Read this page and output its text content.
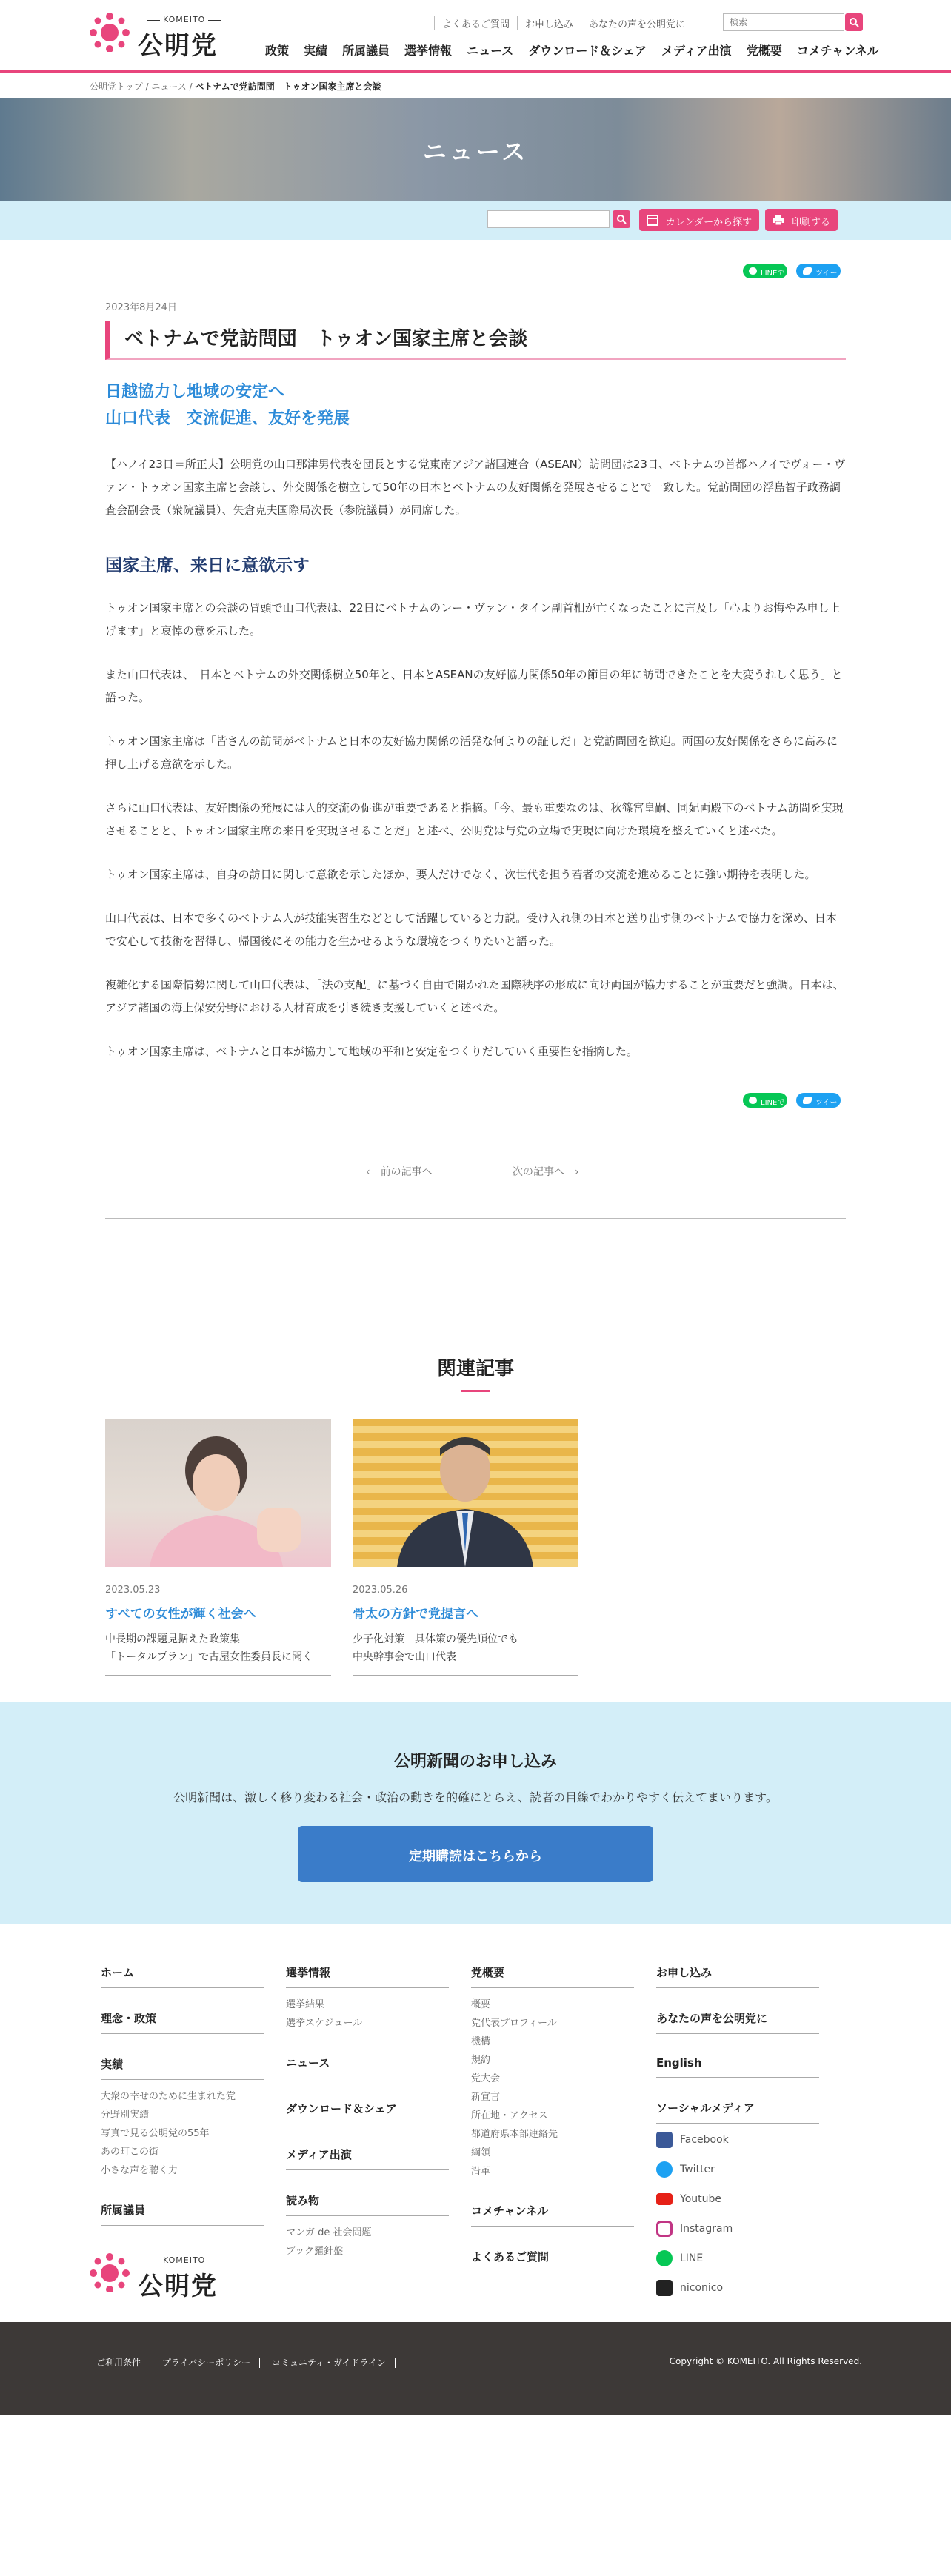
KOMEITO
公明党
よくあるご質問	お申し込み	あなたの声を公明党に
検索
政策 実績 所属議員 選挙情報 ニュース ダウンロード＆シェア メディア出演 党概要 コメチャンネル
公明党トップ / ニュース / ベトナムで党訪問団　トゥオン国家主席と会談
ニュース
カレンダーから探す	印刷する
LINEで	ツイート
2023年8月24日
ベトナムで党訪問団　トゥオン国家主席と会談
日越協力し地域の安定へ
山口代表　交流促進、友好を発展

【ハノイ23日＝所正夫】公明党の山口那津男代表を団長とする党東南アジア諸国連合（ASEAN）訪問団は23日、ベトナムの首都ハノイでヴォー・ヴァン・トゥオン国家主席と会談し、外交関係を樹立して50年の日本とベトナムの友好関係を発展させることで一致した。党訪問団の浮島智子政務調査会副会長（衆院議員）、矢倉克夫国際局次長（参院議員）が同席した。

国家主席、来日に意欲示す

トゥオン国家主席との会談の冒頭で山口代表は、22日にベトナムのレー・ヴァン・タイン副首相が亡くなったことに言及し「心よりお悔やみ申し上げます」と哀悼の意を示した。

また山口代表は、「日本とベトナムの外交関係樹立50年と、日本とASEANの友好協力関係50年の節目の年に訪問できたことを大変うれしく思う」と語った。

トゥオン国家主席は「皆さんの訪問がベトナムと日本の友好協力関係の活発な何よりの証しだ」と党訪問団を歓迎。両国の友好関係をさらに高みに押し上げる意欲を示した。

さらに山口代表は、友好関係の発展には人的交流の促進が重要であると指摘。「今、最も重要なのは、秋篠宮皇嗣、同妃両殿下のベトナム訪問を実現させることと、トゥオン国家主席の来日を実現させることだ」と述べ、公明党は与党の立場で実現に向けた環境を整えていくと述べた。

トゥオン国家主席は、自身の訪日に関して意欲を示したほか、要人だけでなく、次世代を担う若者の交流を進めることに強い期待を表明した。

山口代表は、日本で多くのベトナム人が技能実習生などとして活躍していると力説。受け入れ側の日本と送り出す側のベトナムで協力を深め、日本で安心して技術を習得し、帰国後にその能力を生かせるような環境をつくりたいと語った。

複雑化する国際情勢に関して山口代表は、「法の支配」に基づく自由で開かれた国際秩序の形成に向け両国が協力することが重要だと強調。日本は、アジア諸国の海上保安分野における人材育成を引き続き支援していくと述べた。

トゥオン国家主席は、ベトナムと日本が協力して地域の平和と安定をつくりだしていく重要性を指摘した。

LINEで	ツイート
‹　前の記事へ	次の記事へ　›
関連記事
2023.05.23
すべての女性が輝く社会へ
中長期の課題見据えた政策集
「トータルプラン」で古屋女性委員長に聞く
2023.05.26
骨太の方針で党提言へ
少子化対策　具体策の優先順位でも
中央幹事会で山口代表
公明新聞のお申し込み

公明新聞は、激しく移り変わる社会・政治の動きを的確にとらえ、読者の目線でわかりやすく伝えてまいります。

定期購読はこちらから
ホーム
理念・政策
実績
大衆の幸せのために生まれた党
分野別実績
写真で見る公明党の55年
あの町この街
小さな声を聴く力
所属議員
選挙情報
選挙結果
選挙スケジュール
ニュース
ダウンロード＆シェア
メディア出演
読み物
マンガ de 社会問題
ブック羅針盤
党概要
概要
党代表プロフィール
機構
規約
党大会
新宣言
所在地・アクセス
都道府県本部連絡先
綱領
沿革
コメチャンネル
よくあるご質問
お申し込み
あなたの声を公明党に
English
ソーシャルメディア
Facebook
Twitter
Youtube
Instagram
LINE
niconico
KOMEITO
公明党
ご利用条件 プライバシーポリシー コミュニティ・ガイドライン	Copyright © KOMEITO. All Rights Reserved.
